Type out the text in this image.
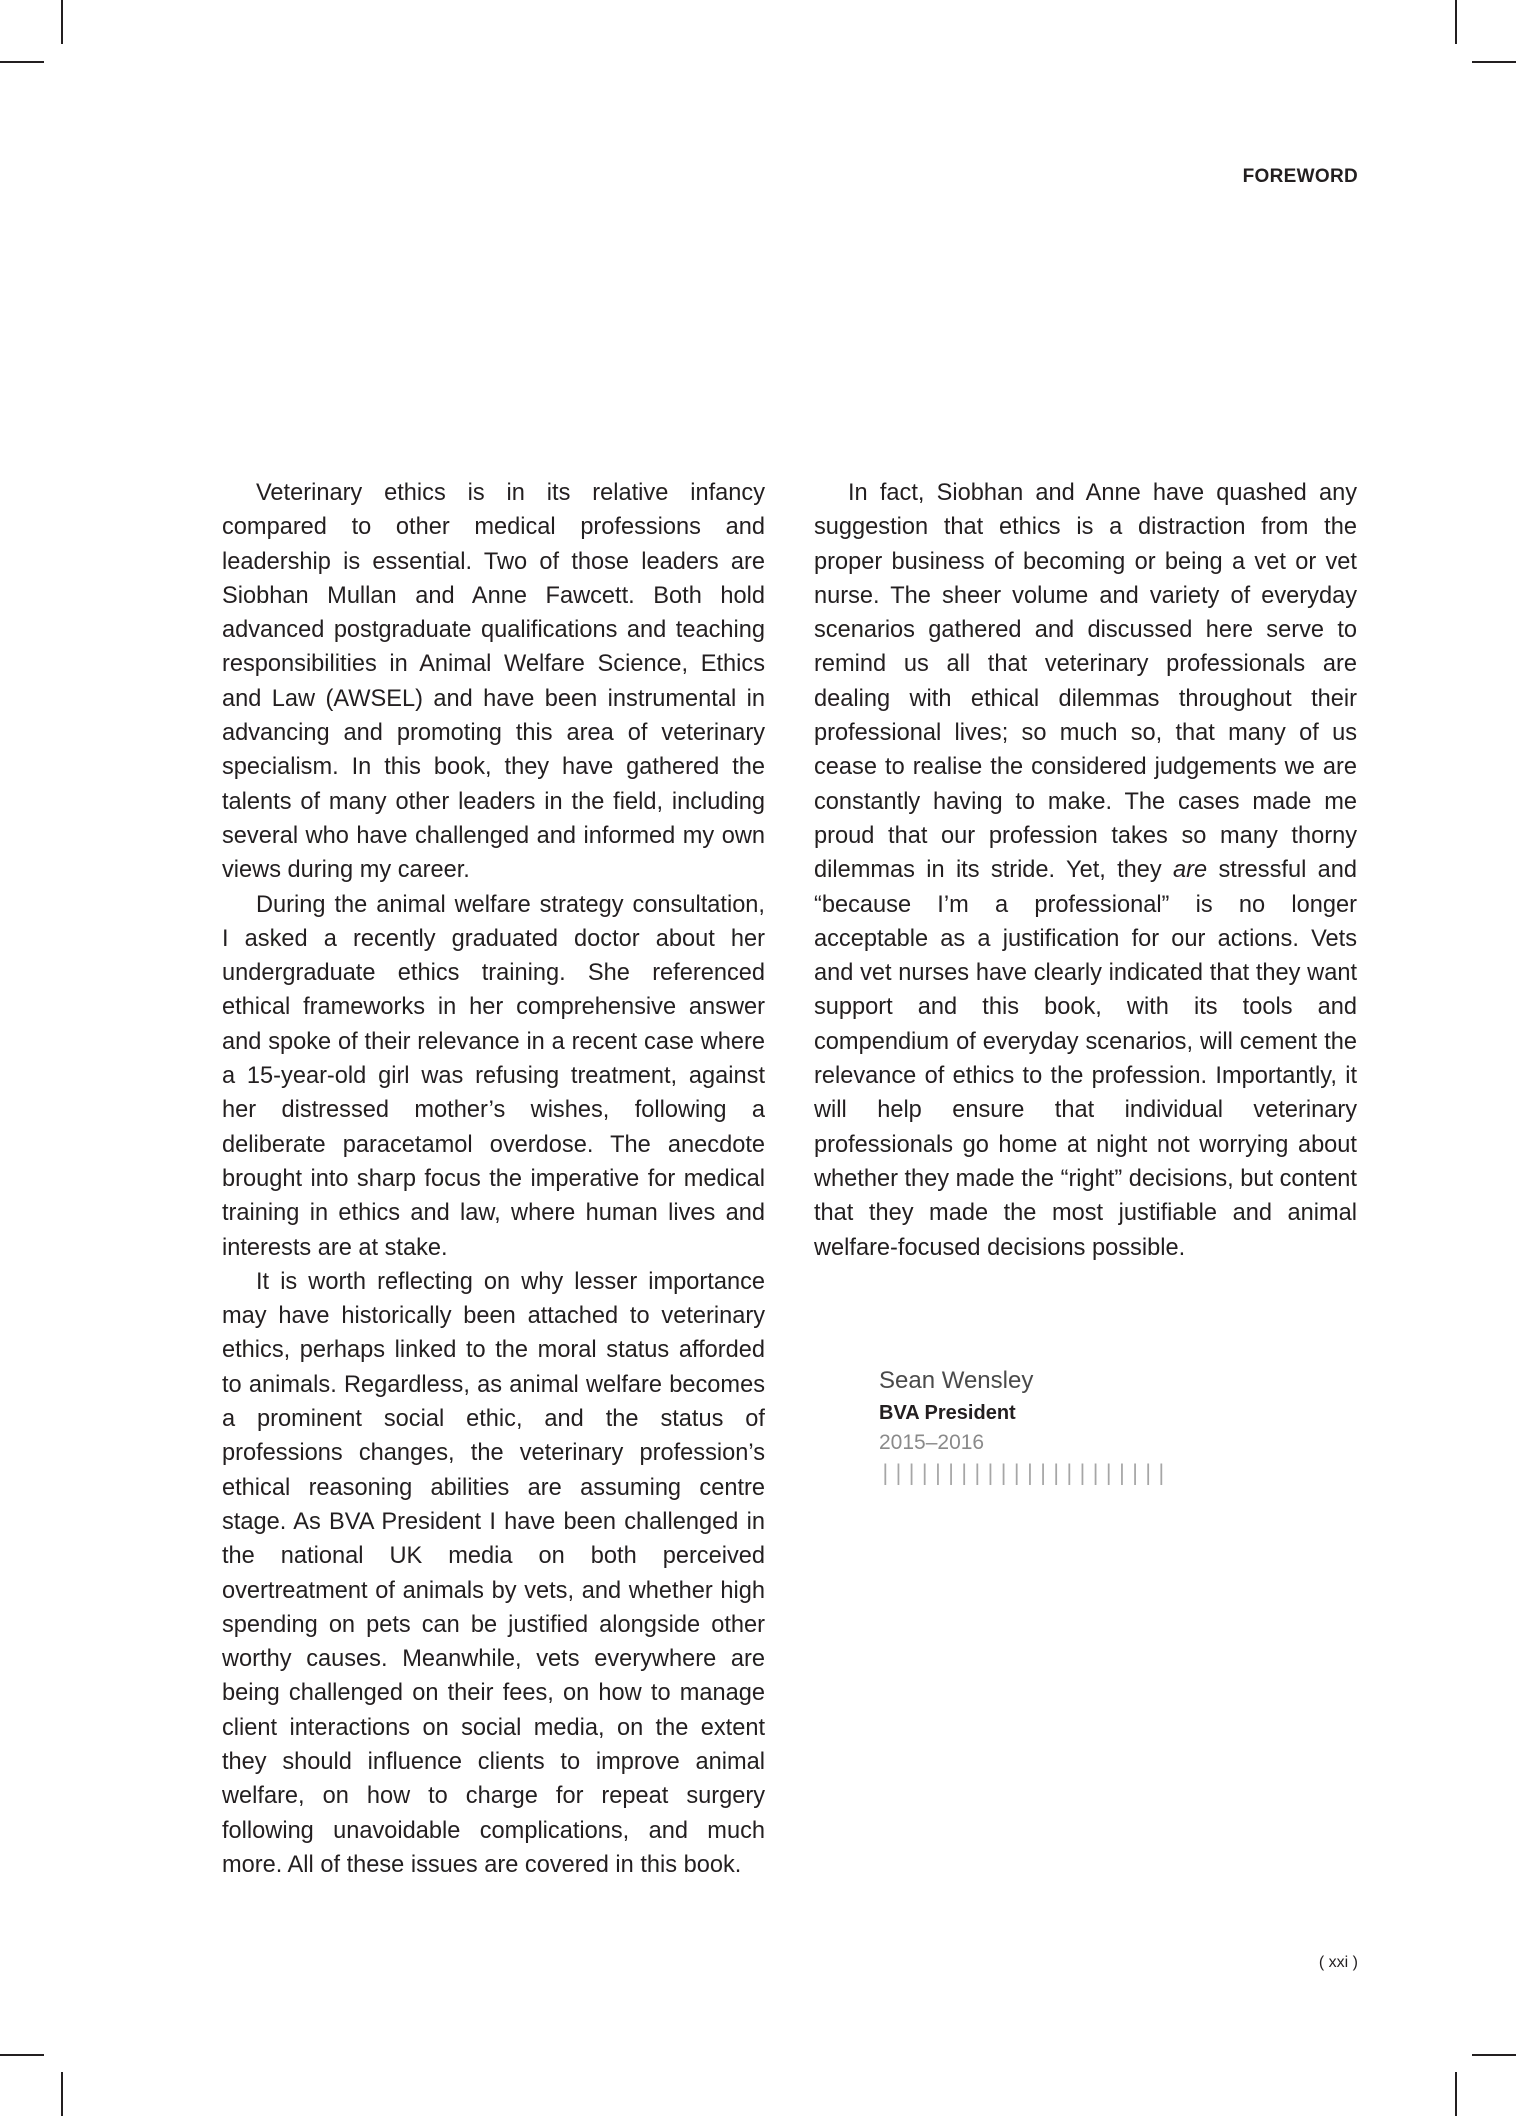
FOREWORD

Veterinary ethics is in its relative infancy compared to other medical professions and leadership is essential. Two of those leaders are Siobhan Mullan and Anne Fawcett. Both hold advanced postgraduate qualifications and teaching responsibilities in Animal Welfare Science, Ethics and Law (AWSEL) and have been instrumental in advancing and promoting this area of veterinary specialism. In this book, they have gathered the talents of many other leaders in the field, including several who have challenged and informed my own views during my career.

During the animal welfare strategy consultation, I asked a recently graduated doctor about her undergraduate ethics training. She referenced ethical frameworks in her comprehensive answer and spoke of their relevance in a recent case where a 15-year-old girl was refusing treatment, against her distressed mother’s wishes, following a deliberate paracetamol overdose. The anecdote brought into sharp focus the imperative for medical training in ethics and law, where human lives and interests are at stake.

It is worth reflecting on why lesser importance may have historically been attached to veterinary ethics, perhaps linked to the moral status afforded to animals. Regardless, as animal welfare becomes a prominent social ethic, and the status of professions changes, the veterinary profession’s ethical reasoning abilities are assuming centre stage. As BVA President I have been challenged in the national UK media on both perceived overtreatment of animals by vets, and whether high spending on pets can be justified alongside other worthy causes. Meanwhile, vets everywhere are being challenged on their fees, on how to manage client interactions on social media, on the extent they should influence clients to improve animal welfare, on how to charge for repeat surgery following unavoidable complications, and much more. All of these issues are covered in this book.

In fact, Siobhan and Anne have quashed any suggestion that ethics is a distraction from the proper business of becoming or being a vet or vet nurse. The sheer volume and variety of everyday scenarios gathered and discussed here serve to remind us all that veterinary professionals are dealing with ethical dilemmas throughout their professional lives; so much so, that many of us cease to realise the considered judgements we are constantly having to make. The cases made me proud that our profession takes so many thorny dilemmas in its stride. Yet, they are stressful and “because I’m a professional” is no longer acceptable as a justification for our actions. Vets and vet nurses have clearly indicated that they want support and this book, with its tools and compendium of everyday scenarios, will cement the relevance of ethics to the profession. Importantly, it will help ensure that individual veterinary professionals go home at night not worrying about whether they made the “right” decisions, but content that they made the most justifiable and animal welfare-focused decisions possible.

Sean Wensley
BVA President
2015–2016
||||||||||||||||||||||
( xxi )
